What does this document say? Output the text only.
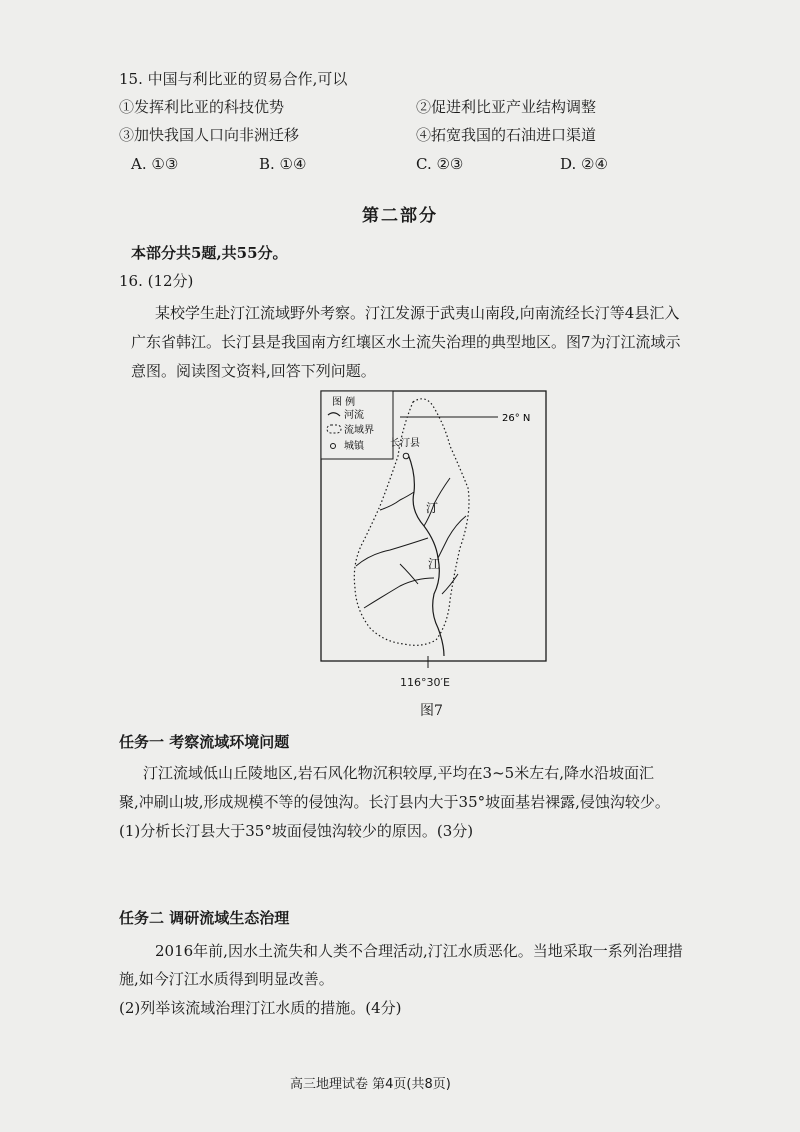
15. 中国与利比亚的贸易合作,可以
①发挥利比亚的科技优势	②促进利比亚产业结构调整
③加快我国人口向非洲迁移	④拓宽我国的石油进口渠道
A. ①③	B. ①④	C. ②③	D. ②④
第二部分
本部分共5题,共55分。
16. (12分)
某校学生赴汀江流域野外考察。汀江发源于武夷山南段,向南流经长汀等4县汇入
广东省韩江。长汀县是我国南方红壤区水土流失治理的典型地区。图7为汀江流域示
意图。阅读图文资料,回答下列问题。
图 例
河流
流域界
城镇	长汀县
汀
江
26° N
116°30′E
图7
任务一 考察流域环境问题
汀江流域低山丘陵地区,岩石风化物沉积较厚,平均在3~5米左右,降水沿坡面汇
聚,冲刷山坡,形成规模不等的侵蚀沟。长汀县内大于35°坡面基岩裸露,侵蚀沟较少。
(1)分析长汀县大于35°坡面侵蚀沟较少的原因。(3分)
任务二 调研流域生态治理
2016年前,因水土流失和人类不合理活动,汀江水质恶化。当地采取一系列治理措
施,如今汀江水质得到明显改善。
(2)列举该流域治理汀江水质的措施。(4分)
高三地理试卷 第4页(共8页)
